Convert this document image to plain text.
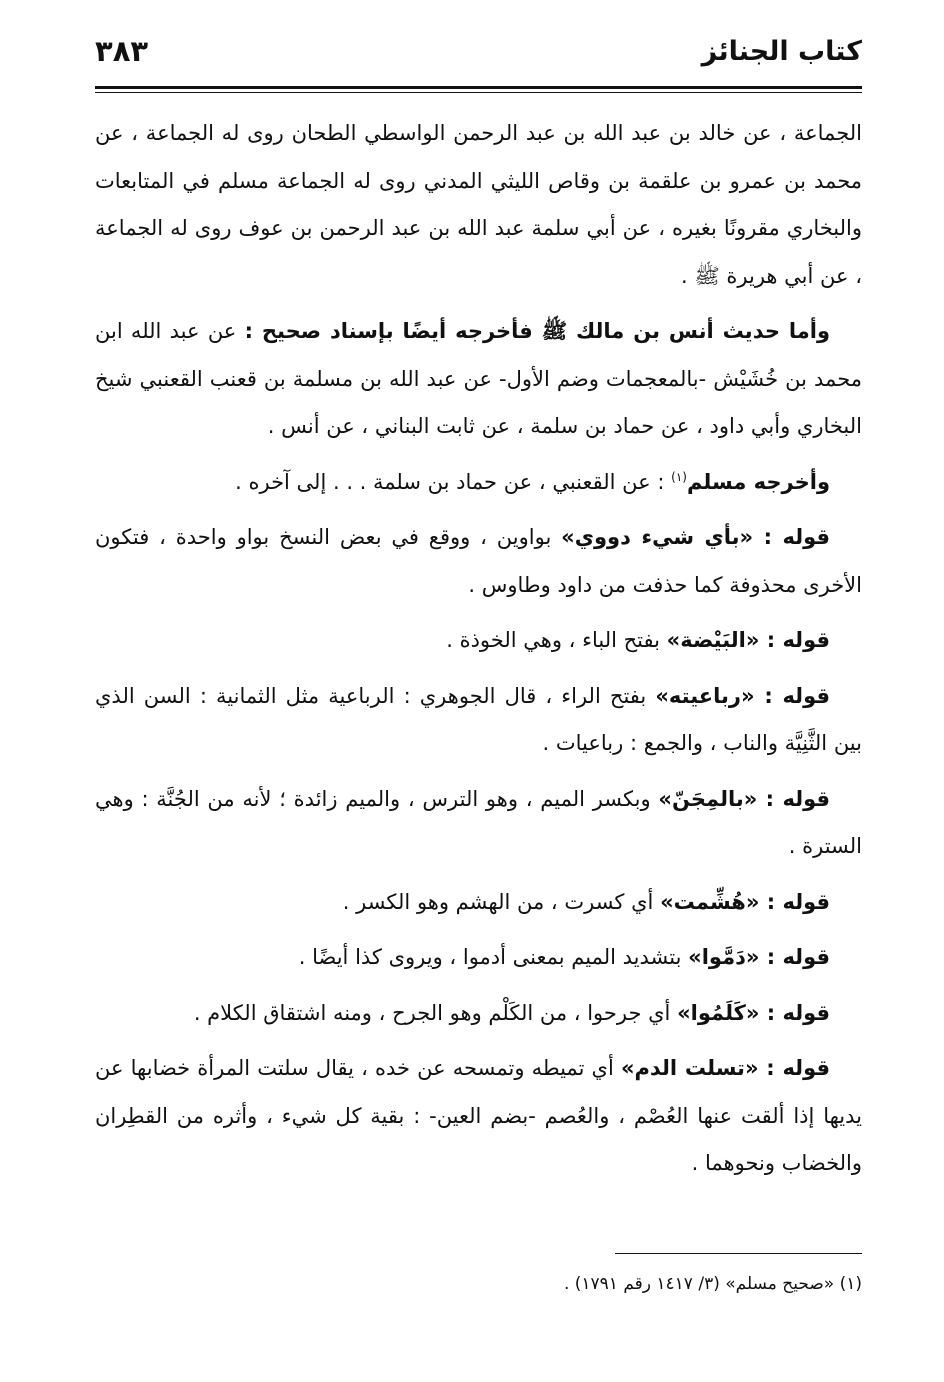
كتاب الجنائز
٣٨٣

الجماعة ، عن خالد بن عبد الله بن عبد الرحمن الواسطي الطحان روى له الجماعة ، عن محمد بن عمرو بن علقمة بن وقاص الليثي المدني روى له الجماعة مسلم في المتابعات والبخاري مقرونًا بغيره ، عن أبي سلمة عبد الله بن عبد الرحمن بن عوف روى له الجماعة ، عن أبي هريرة ﷺ .

وأما حديث أنس بن مالك ﷺ فأخرجه أيضًا بإسناد صحيح : عن عبد الله ابن محمد بن خُشَيْش -بالمعجمات وضم الأول- عن عبد الله بن مسلمة بن قعنب القعنبي شيخ البخاري وأبي داود ، عن حماد بن سلمة ، عن ثابت البناني ، عن أنس .

وأخرجه مسلم$^{(١)}$ : عن القعنبي ، عن حماد بن سلمة . . . إلى آخره .

قوله : «بأي شيء دووي» بواوين ، ووقع في بعض النسخ بواو واحدة ، فتكون الأخرى محذوفة كما حذفت من داود وطاوس .

قوله : «البَيْضة» بفتح الباء ، وهي الخوذة .

قوله : «رباعيته» بفتح الراء ، قال الجوهري : الرباعية مثل الثمانية : السن الذي بين الثَّنِيَّة والناب ، والجمع : رباعيات .

قوله : «بالمِجَنّ» وبكسر الميم ، وهو الترس ، والميم زائدة ؛ لأنه من الجُنَّة : وهي السترة .

قوله : «هُشِّمت» أي كسرت ، من الهشم وهو الكسر .

قوله : «دَمَّوا» بتشديد الميم بمعنى أدموا ، ويروى كذا أيضًا .

قوله : «كَلَمُوا» أي جرحوا ، من الكَلْم وهو الجرح ، ومنه اشتقاق الكلام .

قوله : «تسلت الدم» أي تميطه وتمسحه عن خده ، يقال سلتت المرأة خضابها عن يديها إذا ألقت عنها العُصْم ، والعُصم -بضم العين- : بقية كل شيء ، وأثره من القطِران والخضاب ونحوهما .

(١) «صحيح مسلم» (٣/ ١٤١٧ رقم ١٧٩١) .
